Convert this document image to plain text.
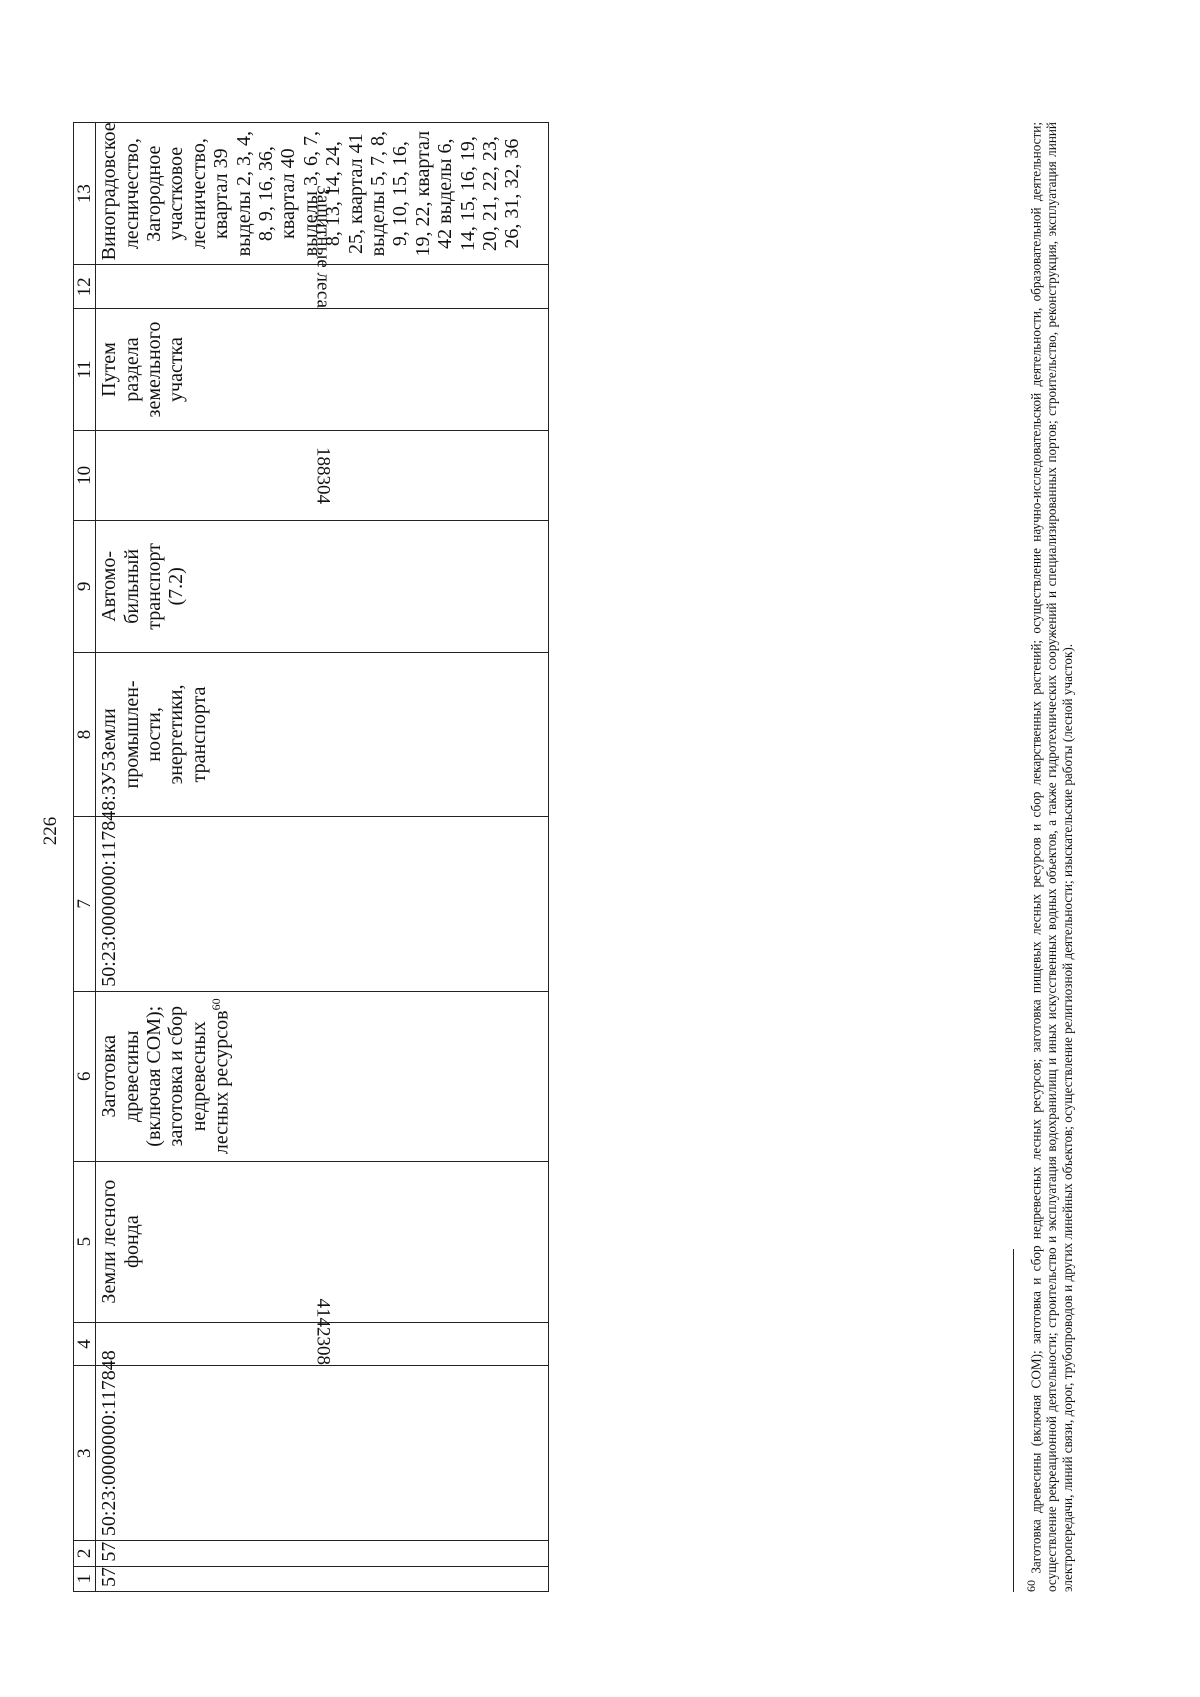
226
1	2	3	4	5	6	7	8	9	10	11	12	13
57	57	50:23:0000000:117848	4142308	Земли лесного фонда	Заготовка древесины (включая СОМ); заготовка и сбор недревесных лесных ресурсов$^{60}$	50:23:0000000:117848:ЗУ5	Земли промышлен-ности, энергетики, транспорта	Автомо-бильный транспорт (7.2)	188304	Путем раздела земельного участка	Защитные леса	Виноградовское лесничество, Загородное участковое лесничество, квартал 39 выделы 2, 3, 4, 8, 9, 16, 36, квартал 40 выделы 3, 6, 7, 8, 13, 14, 24, 25, квартал 41 выделы 5, 7, 8, 9, 10, 15, 16, 19, 22, квартал 42 выделы 6, 14, 15, 16, 19, 20, 21, 22, 23, 26, 31, 32, 36
$^{60}$ Заготовка древесины (включая СОМ); заготовка и сбор недревесных лесных ресурсов; заготовка пищевых лесных ресурсов и сбор лекарственных растений; осуществление научно-исследовательской деятельности, образовательной деятельности; осуществление рекреационной деятельности; строительство и эксплуатация водохранилищ и иных искусственных водных объектов, а также гидротехнических сооружений и специализированных портов; строительство, реконструкция, эксплуатация линий электропередачи, линий связи, дорог, трубопроводов и других линейных объектов; осуществление религиозной деятельности; изыскательские работы (лесной участок).
